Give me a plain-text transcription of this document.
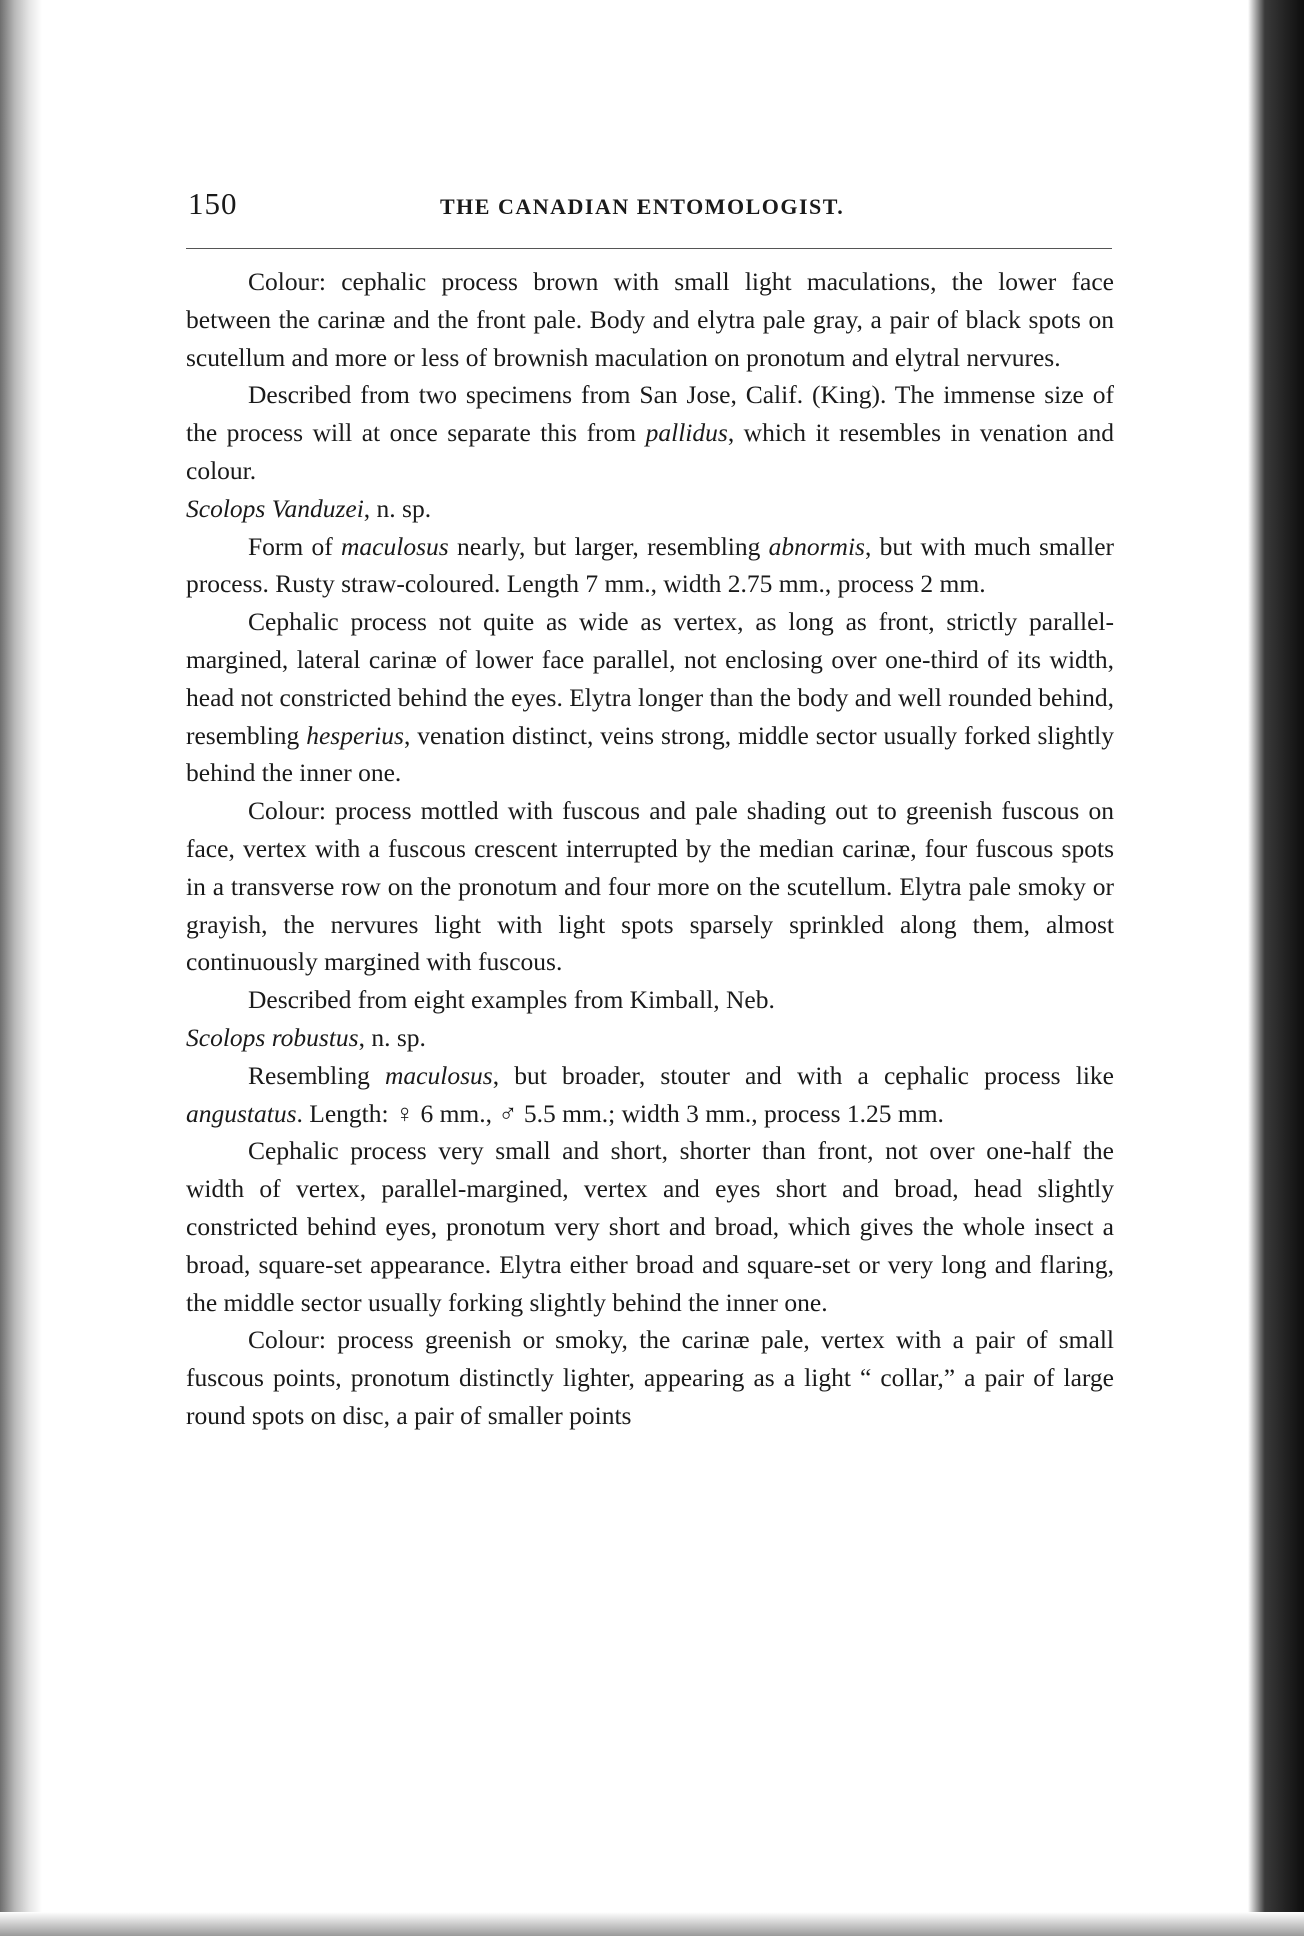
150	THE CANADIAN ENTOMOLOGIST.

Colour: cephalic process brown with small light maculations, the lower face between the carinæ and the front pale. Body and elytra pale gray, a pair of black spots on scutellum and more or less of brownish maculation on pronotum and elytral nervures.

Described from two specimens from San Jose, Calif. (King). The immense size of the process will at once separate this from pallidus, which it resembles in venation and colour.

Scolops Vanduzei, n. sp.

Form of maculosus nearly, but larger, resembling abnormis, but with much smaller process. Rusty straw-coloured. Length 7 mm., width 2.75 mm., process 2 mm.

Cephalic process not quite as wide as vertex, as long as front, strictly parallel-margined, lateral carinæ of lower face parallel, not enclosing over one-third of its width, head not constricted behind the eyes. Elytra longer than the body and well rounded behind, resembling hesperius, venation distinct, veins strong, middle sector usually forked slightly behind the inner one.

Colour: process mottled with fuscous and pale shading out to greenish fuscous on face, vertex with a fuscous crescent interrupted by the median carinæ, four fuscous spots in a transverse row on the pronotum and four more on the scutellum. Elytra pale smoky or grayish, the nervures light with light spots sparsely sprinkled along them, almost continuously margined with fuscous.

Described from eight examples from Kimball, Neb.

Scolops robustus, n. sp.

Resembling maculosus, but broader, stouter and with a cephalic process like angustatus. Length: ♀ 6 mm., ♂ 5.5 mm.; width 3 mm., process 1.25 mm.

Cephalic process very small and short, shorter than front, not over one-half the width of vertex, parallel-margined, vertex and eyes short and broad, head slightly constricted behind eyes, pronotum very short and broad, which gives the whole insect a broad, square-set appearance. Elytra either broad and square-set or very long and flaring, the middle sector usually forking slightly behind the inner one.

Colour: process greenish or smoky, the carinæ pale, vertex with a pair of small fuscous points, pronotum distinctly lighter, appearing as a light “ collar,” a pair of large round spots on disc, a pair of smaller points
